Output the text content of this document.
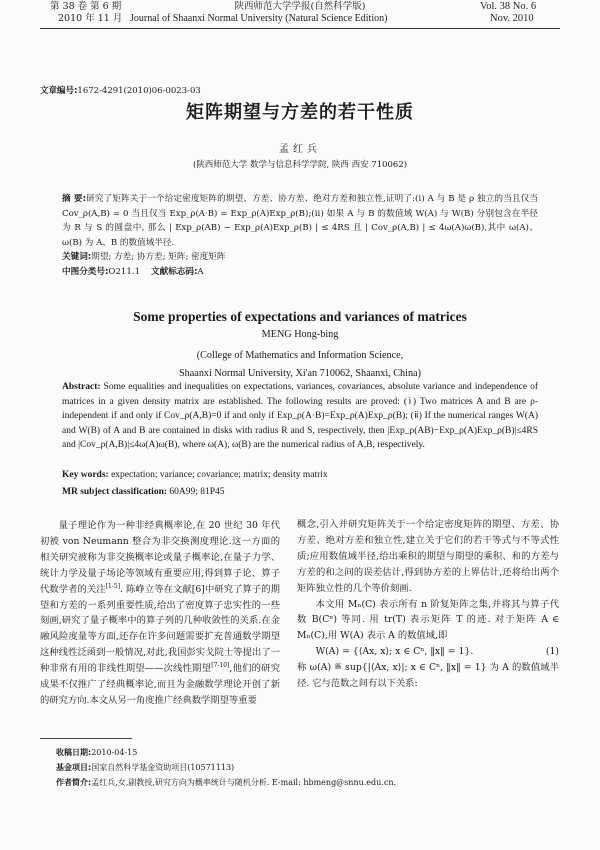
第 38 卷 第 6 期
2010 年 11 月
陕西师范大学学报(自然科学版)
Journal of Shaanxi Normal University (Natural Science Edition)
Vol. 38 No. 6
Nov. 2010
文章编号:1672-4291(2010)06-0023-03
矩阵期望与方差的若干性质
孟红兵
(陕西师范大学 数学与信息科学学院, 陕西 西安 710062)
摘 要:研究了矩阵关于一个给定密度矩阵的期望、方差、协方差、绝对方差和独立性,证明了:(ⅰ) A 与 B 是 ρ 独立的当且仅当 Cov_ρ(A,B) = 0 当且仅当 Exp_ρ(A·B) = Exp_ρ(A)Exp_ρ(B);(ⅱ) 如果 A 与 B 的数值域 W(A) 与 W(B) 分别包含在半径为 R 与 S 的圆盘中, 那么 | Exp_ρ(AB) − Exp_ρ(A)Exp_ρ(B) | ≤ 4RS 且 | Cov_ρ(A,B) | ≤ 4ω(A)ω(B),其中 ω(A)、ω(B) 为 A、B 的数值域半径.
关键词:期望; 方差; 协方差; 矩阵; 密度矩阵
中图分类号:O211.1 文献标志码:A
Some properties of expectations and variances of matrices
MENG Hong-bing
(College of Mathematics and Information Science,
Shaanxi Normal University, Xi'an 710062, Shaanxi, China)
Abstract: Some equalities and inequalities on expectations, variances, covariances, absolute variance and independence of matrices in a given density matrix are established. The following results are proved: (ⅰ) Two matrices A and B are ρ-independent if and only if Cov_ρ(A,B)=0 if and only if Exp_ρ(A·B)=Exp_ρ(A)Exp_ρ(B); (ⅱ) If the numerical ranges W(A) and W(B) of A and B are contained in disks with radius R and S, respectively, then |Exp_ρ(AB)−Exp_ρ(A)Exp_ρ(B)|≤4RS and |Cov_ρ(A,B)|≤4ω(A)ω(B), where ω(A), ω(B) are the numerical radius of A,B, respectively.
Key words: expectation; variance; covariance; matrix; density matrix
MR subject classification: 60A99; 81P45

量子理论作为一种非经典概率论,在 20 世纪 30 年代初被 von Neumann 整合为非交换测度理论.这一方面的相关研究被称为非交换概率论或量子概率论,在量子力学、统计力学及量子场论等领域有重要应用,得到算子论、算子代数学者的关注[1-5]. 陈峥立等在文献[6]中研究了算子的期望和方差的一系列重要性质,给出了密度算子忠实性的一些刻画,研究了量子概率中的算子列的几种收敛性的关系.在金融风险度量等方面,还存在许多问题需要扩充普通数学期望这种线性泛函到一般情况,对此,我国彭实戈院士等提出了一种非常有用的非线性期望——次线性期望[7-10],他们的研究成果不仅推广了经典概率论,而且为金融数学理论开创了新的研究方向.本文从另一角度推广经典数学期望等重要

概念,引入并研究矩阵关于一个给定密度矩阵的期望、方差、协方差、绝对方差和独立性,建立关于它们的若干等式与不等式性质;应用数值域半径,给出乘积的期望与期望的乘积、和的方差与方差的和之间的误差估计,得到协方差的上界估计,还将给出两个矩阵独立性的几个等价刻画.

本文用 Mₙ(C) 表示所有 n 阶复矩阵之集,并将其与算子代数 B(Cⁿ) 等同. 用 tr(T) 表示矩阵 T 的迹. 对于矩阵 A ∈ Mₙ(C),用 W(A) 表示 A 的数值域,即

W(A) = {⟨Ax, x⟩; x ∈ Cⁿ, ‖x‖ = 1}.	(1)

称 ω(A) ≝ sup{|⟨Ax, x⟩|; x ∈ Cⁿ, ‖x‖ = 1} 为 A 的数值域半径. 它与范数之间有以下关系:

收稿日期:2010-04-15
基金项目:国家自然科学基金资助项目(10571113)
作者简介:孟红兵,女,副教授,研究方向为概率统计与随机分析. E-mail: hbmeng@snnu.edu.cn.
